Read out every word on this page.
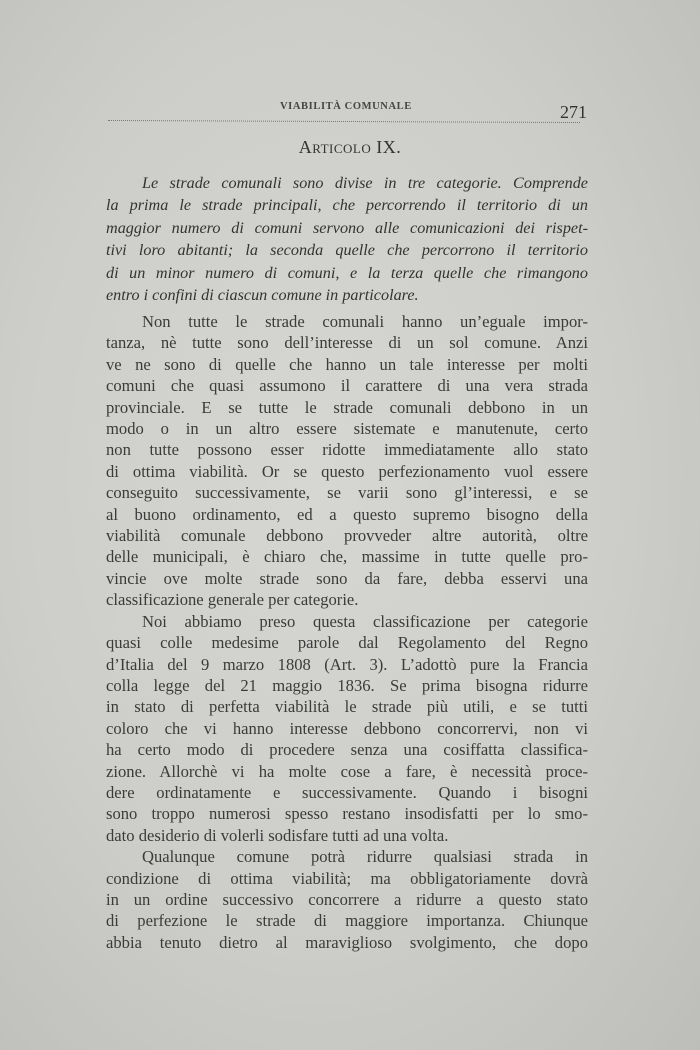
VIABILITÀ COMUNALE	271
Articolo IX.
Le strade comunali sono divise in tre categorie. Comprende
la prima le strade principali, che percorrendo il territorio di un
maggior numero di comuni servono alle comunicazioni dei rispet-
tivi loro abitanti; la seconda quelle che percorrono il territorio
di un minor numero di comuni, e la terza quelle che rimangono
entro i confini di ciascun comune in particolare.
Non tutte le strade comunali hanno un’eguale impor-
tanza, nè tutte sono dell’interesse di un sol comune. Anzi
ve ne sono di quelle che hanno un tale interesse per molti
comuni che quasi assumono il carattere di una vera strada
provinciale. E se tutte le strade comunali debbono in un
modo o in un altro essere sistemate e manutenute, certo
non tutte possono esser ridotte immediatamente allo stato
di ottima viabilità. Or se questo perfezionamento vuol essere
conseguito successivamente, se varii sono gl’interessi, e se
al buono ordinamento, ed a questo supremo bisogno della
viabilità comunale debbono provveder altre autorità, oltre
delle municipali, è chiaro che, massime in tutte quelle pro-
vincie ove molte strade sono da fare, debba esservi una
classificazione generale per categorie.
Noi abbiamo preso questa classificazione per categorie
quasi colle medesime parole dal Regolamento del Regno
d’Italia del 9 marzo 1808 (Art. 3). L’adottò pure la Francia
colla legge del 21 maggio 1836. Se prima bisogna ridurre
in stato di perfetta viabilità le strade più utili, e se tutti
coloro che vi hanno interesse debbono concorrervi, non vi
ha certo modo di procedere senza una cosiffatta classifica-
zione. Allorchè vi ha molte cose a fare, è necessità proce-
dere ordinatamente e successivamente. Quando i bisogni
sono troppo numerosi spesso restano insodisfatti per lo smo-
dato desiderio di volerli sodisfare tutti ad una volta.
Qualunque comune potrà ridurre qualsiasi strada in
condizione di ottima viabilità; ma obbligatoriamente dovrà
in un ordine successivo concorrere a ridurre a questo stato
di perfezione le strade di maggiore importanza. Chiunque
abbia tenuto dietro al maraviglioso svolgimento, che dopo
